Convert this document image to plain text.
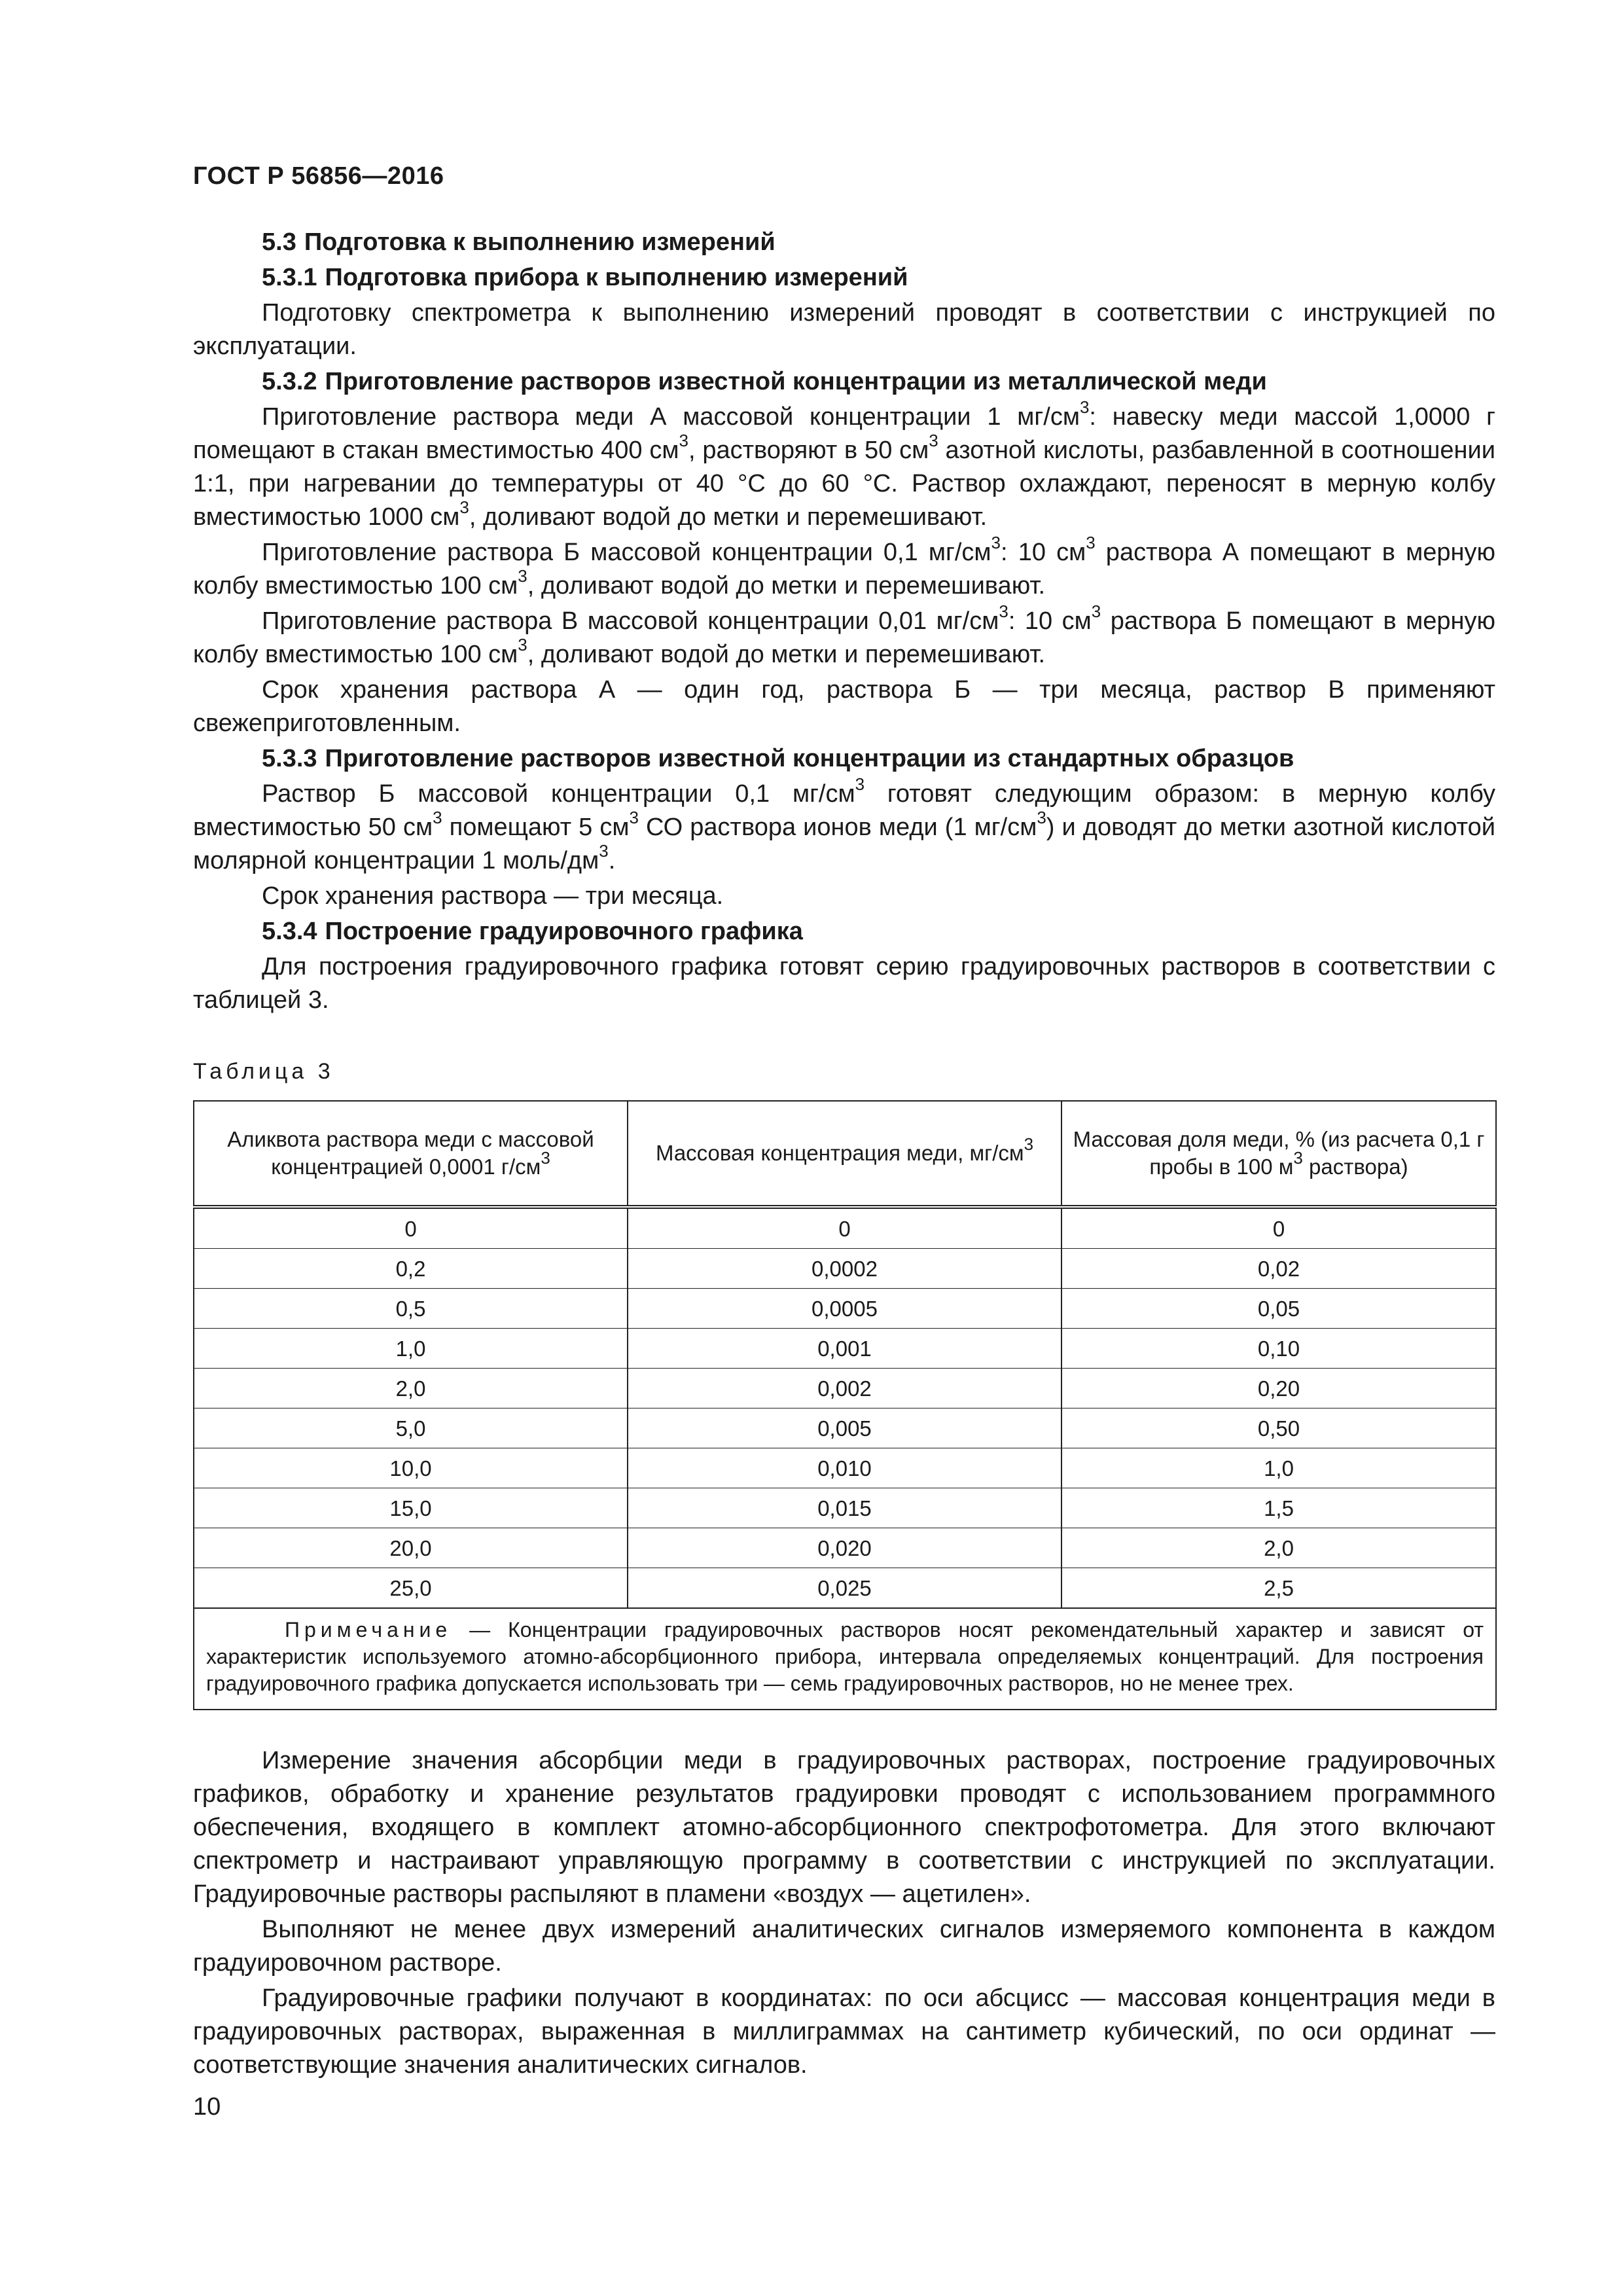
ГОСТ Р 56856—2016
5.3 Подготовка к выполнению измерений
5.3.1 Подготовка прибора к выполнению измерений

Подготовку спектрометра к выполнению измерений проводят в соответствии с инструкцией по эксплуатации.

5.3.2 Приготовление растворов известной концентрации из металлической меди

Приготовление раствора меди А массовой концентрации 1 $мг/см^3$: навеску меди массой 1,0000 г помещают в стакан вместимостью 400 $см^3$, растворяют в 50 $см^3$ азотной кислоты, разбавленной в соотношении 1:1, при нагревании до температуры от 40 °С до 60 °С. Раствор охлаждают, переносят в мерную колбу вместимостью 1000 $см^3$, доливают водой до метки и перемешивают.

Приготовление раствора Б массовой концентрации 0,1 $мг/см^3$: 10 $см^3$ раствора А помещают в мерную колбу вместимостью 100 $см^3$, доливают водой до метки и перемешивают.

Приготовление раствора В массовой концентрации 0,01 $мг/см^3$: 10 $см^3$ раствора Б помещают в мерную колбу вместимостью 100 $см^3$, доливают водой до метки и перемешивают.

Срок хранения раствора А — один год, раствора Б — три месяца, раствор В применяют свежеприготовленным.

5.3.3 Приготовление растворов известной концентрации из стандартных образцов

Раствор Б массовой концентрации 0,1 $мг/см^3$ готовят следующим образом: в мерную колбу вместимостью 50 $см^3$ помещают 5 $см^3$ СО раствора ионов меди (1 $мг/см^3$) и доводят до метки азотной кислотой молярной концентрации 1 моль/$дм^3$.

Срок хранения раствора — три месяца.

5.3.4 Построение градуировочного графика

Для построения градуировочного графика готовят серию градуировочных растворов в соответствии с таблицей 3.

Таблица 3
Аликвота раствора меди с массовой концентрацией 0,0001 $г/см^3$	Массовая концентрация меди, $мг/см^3$	Массовая доля меди, % (из расчета 0,1 г пробы в 100 $м^3$ раствора)
0	0	0
0,2	0,0002	0,02
0,5	0,0005	0,05
1,0	0,001	0,10
2,0	0,002	0,20
5,0	0,005	0,50
10,0	0,010	1,0
15,0	0,015	1,5
20,0	0,020	2,0
25,0	0,025	2,5
Примечание — Концентрации градуировочных растворов носят рекомендательный характер и зависят от характеристик используемого атомно-абсорбционного прибора, интервала определяемых концентраций. Для построения градуировочного графика допускается использовать три — семь градуировочных растворов, но не менее трех.		

Измерение значения абсорбции меди в градуировочных растворах, построение градуировочных графиков, обработку и хранение результатов градуировки проводят с использованием программного обеспечения, входящего в комплект атомно-абсорбционного спектрофотометра. Для этого включают спектрометр и настраивают управляющую программу в соответствии с инструкцией по эксплуатации. Градуировочные растворы распыляют в пламени «воздух — ацетилен».

Выполняют не менее двух измерений аналитических сигналов измеряемого компонента в каждом градуировочном растворе.

Градуировочные графики получают в координатах: по оси абсцисс — массовая концентрация меди в градуировочных растворах, выраженная в миллиграммах на сантиметр кубический, по оси ординат — соответствующие значения аналитических сигналов.

10
